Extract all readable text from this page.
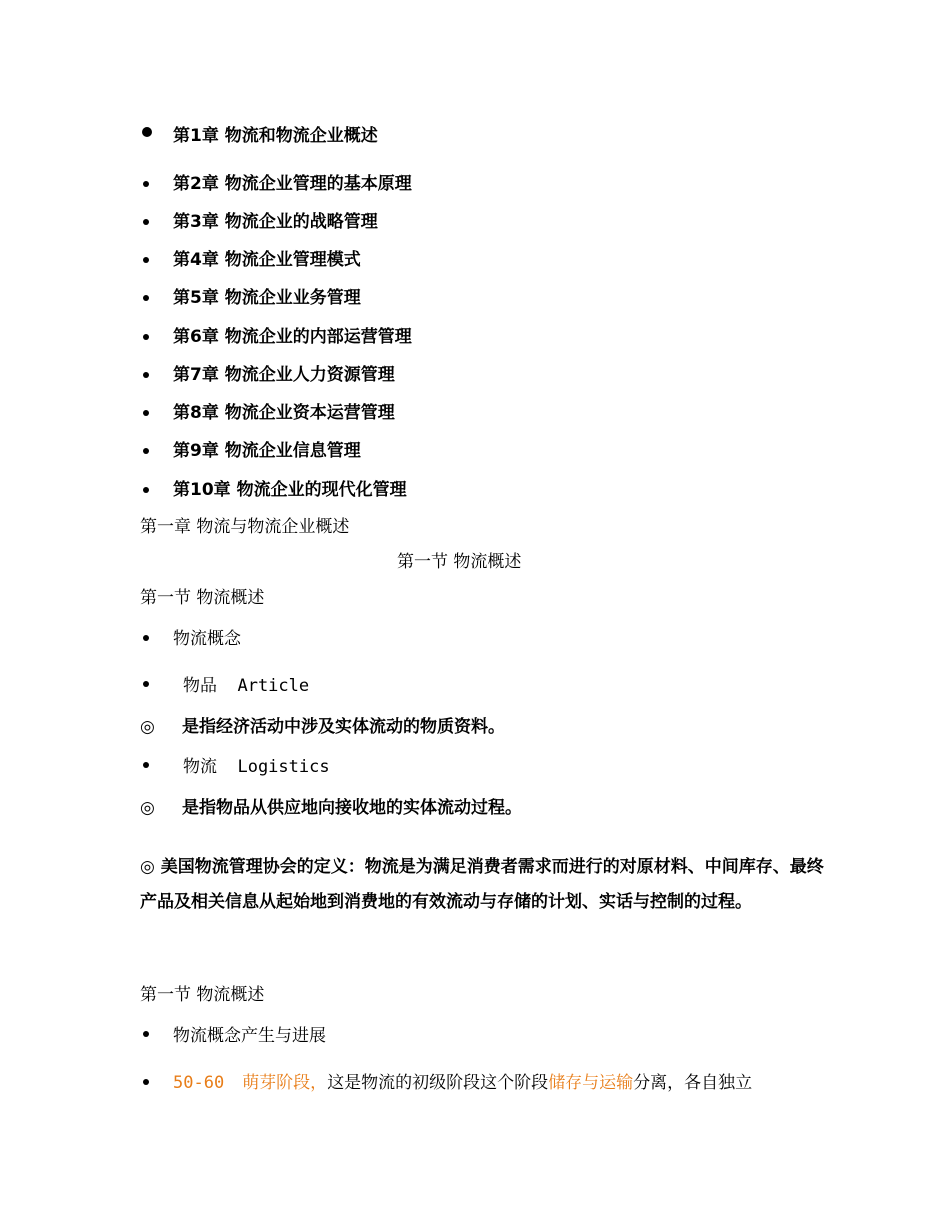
第1章 物流和物流企业概述
第2章 物流企业管理的基本原理
第3章 物流企业的战略管理
第4章 物流企业管理模式
第5章 物流企业业务管理
第6章 物流企业的内部运营管理
第7章 物流企业人力资源管理
第8章 物流企业资本运营管理
第9章 物流企业信息管理
第10章 物流企业的现代化管理
第一章 物流与物流企业概述
第一节 物流概述
第一节 物流概述
物流概念
物品  Article
◎ 是指经济活动中涉及实体流动的物质资料。
物流  Logistics
◎ 是指物品从供应地向接收地的实体流动过程。
◎ 美国物流管理协会的定义：物流是为满足消费者需求而进行的对原材料、中间库存、最终产品及相关信息从起始地到消费地的有效流动与存储的计划、实话与控制的过程。
第一节 物流概述
物流概念产生与进展
50-60 萌芽阶段，这是物流的初级阶段这个阶段储存与运输分离，各自独立
